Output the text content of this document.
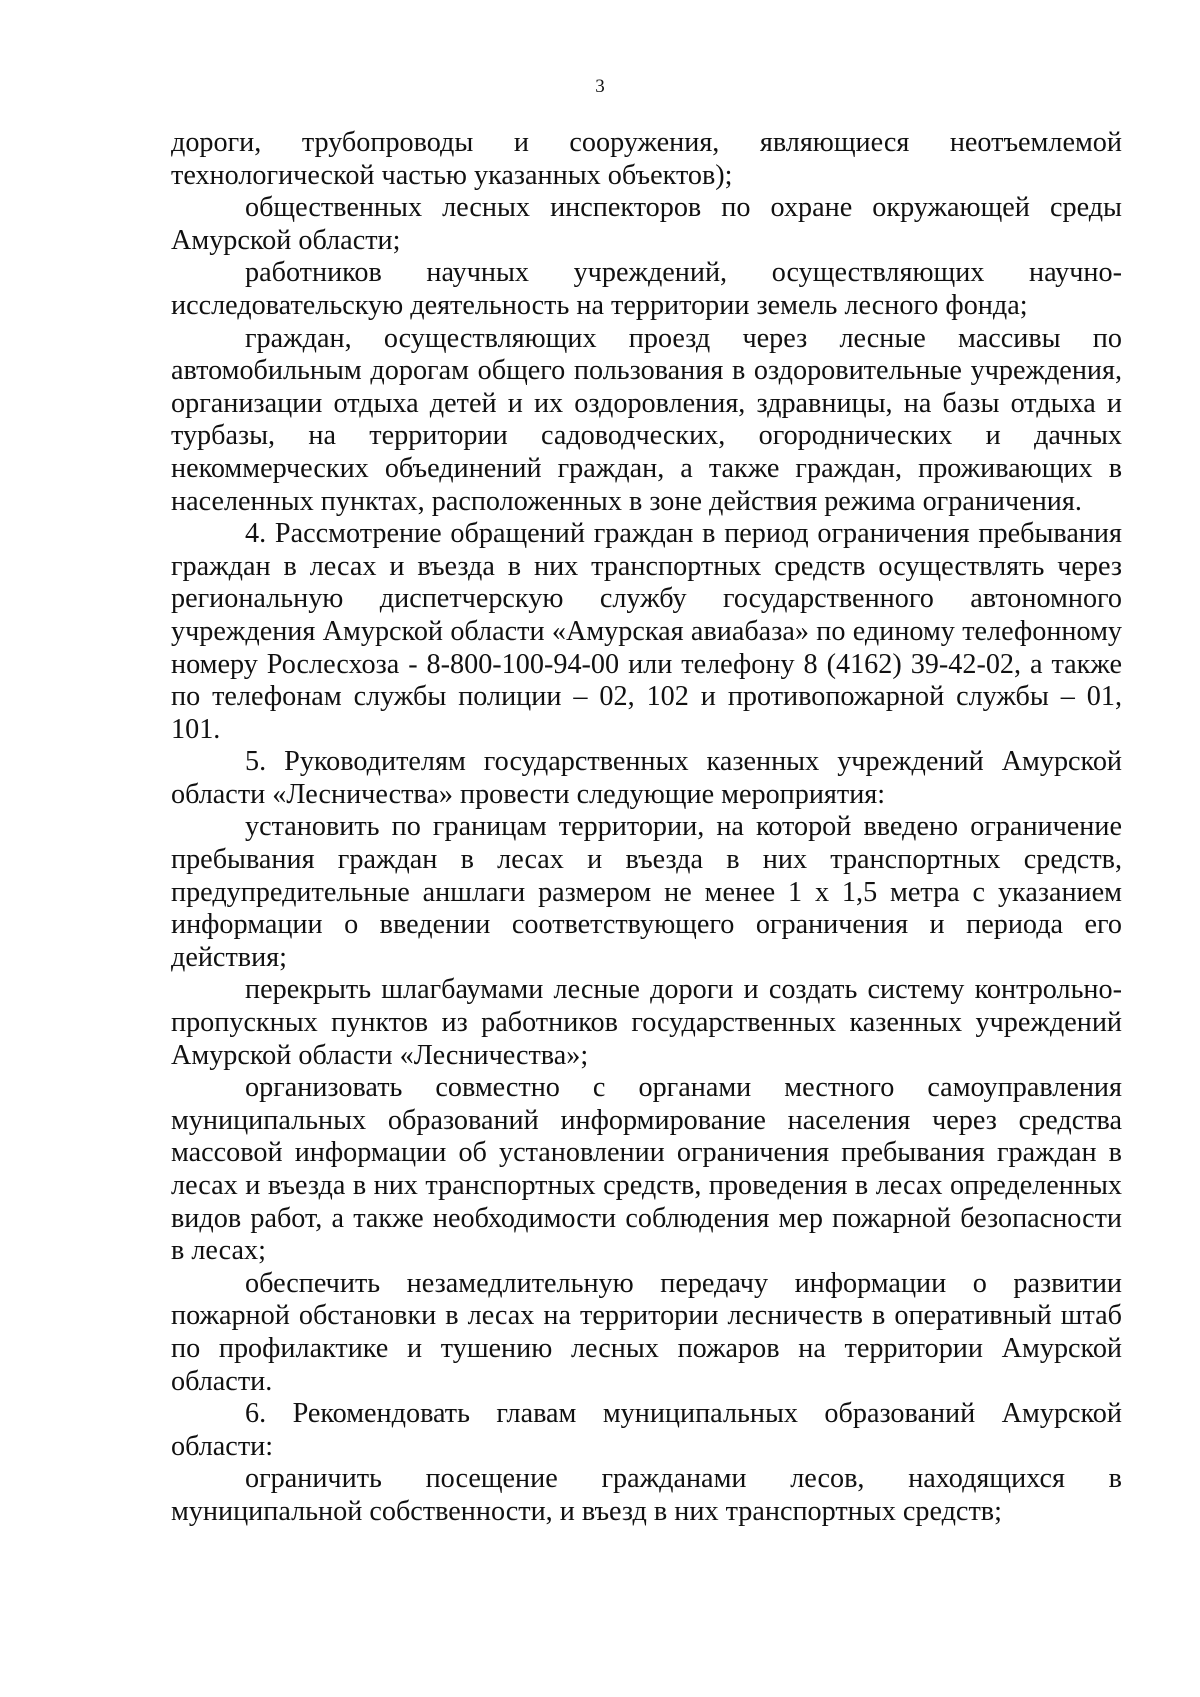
3

дороги, трубопроводы и сооружения, являющиеся неотъемлемой технологической частью указанных объектов);

общественных лесных инспекторов по охране окружающей среды Амурской области;

работников научных учреждений, осуществляющих научно-исследовательскую деятельность на территории земель лесного фонда;

граждан, осуществляющих проезд через лесные массивы по автомобильным дорогам общего пользования в оздоровительные учреждения, организации отдыха детей и их оздоровления, здравницы, на базы отдыха и турбазы, на территории садоводческих, огороднических и дачных некоммерческих объединений граждан, а также граждан, проживающих в населенных пунктах, расположенных в зоне действия режима ограничения.

4. Рассмотрение обращений граждан в период ограничения пребывания граждан в лесах и въезда в них транспортных средств осуществлять через региональную диспетчерскую службу государственного автономного учреждения Амурской области «Амурская авиабаза» по единому телефонному номеру Рослесхоза - 8-800-100-94-00 или телефону 8 (4162) 39-42-02, а также по телефонам службы полиции – 02, 102 и противопожарной службы – 01, 101.

5. Руководителям государственных казенных учреждений Амурской области «Лесничества» провести следующие мероприятия:

установить по границам территории, на которой введено ограничение пребывания граждан в лесах и въезда в них транспортных средств, предупредительные аншлаги размером не менее 1 х 1,5 метра с указанием информации о введении соответствующего ограничения и периода его действия;

перекрыть шлагбаумами лесные дороги и создать систему контрольно-пропускных пунктов из работников государственных казенных учреждений Амурской области «Лесничества»;

организовать совместно с органами местного самоуправления муниципальных образований информирование населения через средства массовой информации об установлении ограничения пребывания граждан в лесах и въезда в них транспортных средств, проведения в лесах определенных видов работ, а также необходимости соблюдения мер пожарной безопасности в лесах;

обеспечить незамедлительную передачу информации о развитии пожарной обстановки в лесах на территории лесничеств в оперативный штаб по профилактике и тушению лесных пожаров на территории Амурской области.

6. Рекомендовать главам муниципальных образований Амурской области:

ограничить посещение гражданами лесов, находящихся в муниципальной собственности, и въезд в них транспортных средств;
